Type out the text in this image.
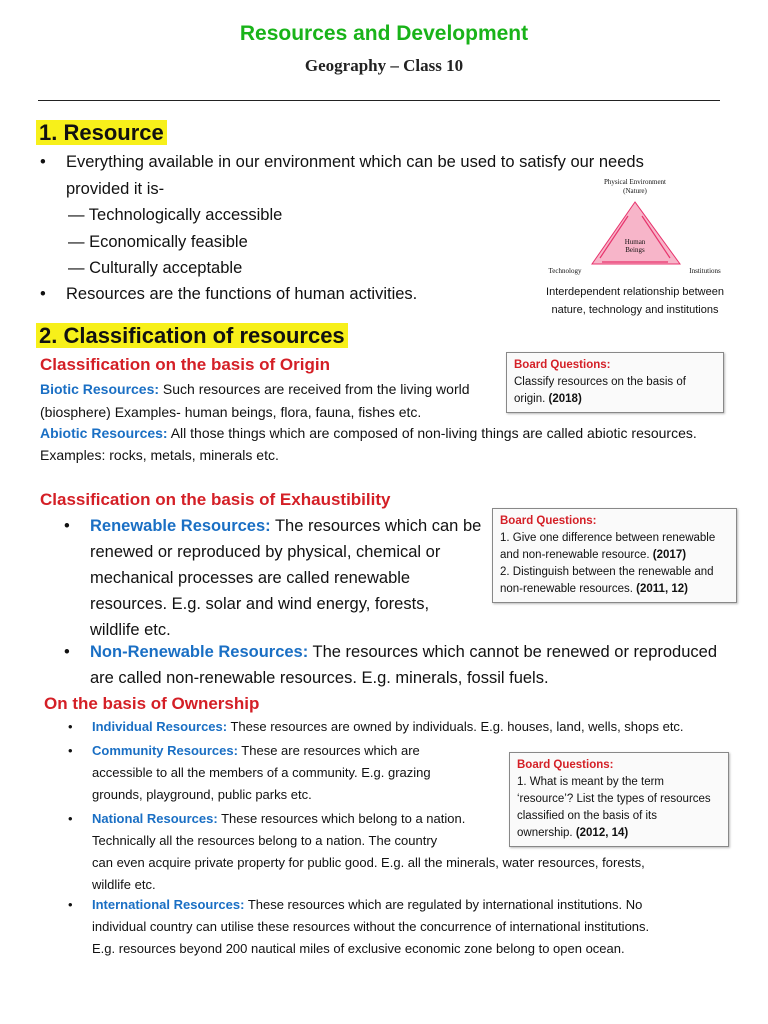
Resources and Development
Geography – Class 10
1. Resource
• Everything available in our environment which can be used to satisfy our needs
provided it is-
— Technologically accessible
— Economically feasible
— Culturally acceptable
• Resources are the functions of human activities.
Physical Environment
(Nature)
Human
Beings
Technology	Institutions
Interdependent relationship between
nature, technology and institutions
2. Classification of resources
Classification on the basis of Origin
Biotic Resources: Such resources are received from the living world
(biosphere) Examples- human beings, flora, fauna, fishes etc.
Abiotic Resources: All those things which are composed of non-living things are called abiotic resources.
Examples: rocks, metals, minerals etc.
Board Questions:
Classify resources on the basis of
origin. (2018)
Classification on the basis of Exhaustibility
• Renewable Resources: The resources which can be
renewed or reproduced by physical, chemical or
mechanical processes are called renewable
resources. E.g. solar and wind energy, forests,
wildlife etc.
Board Questions:
1. Give one difference between renewable
and non-renewable resource. (2017)
2. Distinguish between the renewable and
non-renewable resources. (2011, 12)
• Non-Renewable Resources: The resources which cannot be renewed or reproduced
are called non-renewable resources. E.g. minerals, fossil fuels.
On the basis of Ownership
• Individual Resources: These resources are owned by individuals. E.g. houses, land, wells, shops etc.
• Community Resources: These are resources which are
accessible to all the members of a community. E.g. grazing
grounds, playground, public parks etc.
• National Resources: These resources which belong to a nation.
Technically all the resources belong to a nation. The country
can even acquire private property for public good. E.g. all the minerals, water resources, forests,
wildlife etc.
Board Questions:
1. What is meant by the term
‘resource’? List the types of resources
classified on the basis of its
ownership. (2012, 14)
• International Resources: These resources which are regulated by international institutions. No
individual country can utilise these resources without the concurrence of international institutions.
E.g. resources beyond 200 nautical miles of exclusive economic zone belong to open ocean.
